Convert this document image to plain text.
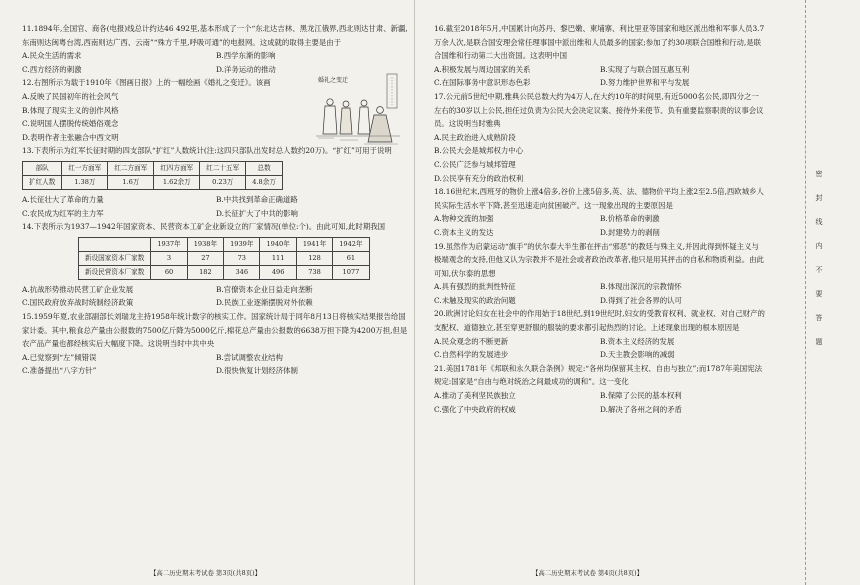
密封线内不要答题

11.1894年,全国官、商各(电报)线总计约达46 492里,基本形成了一个“东北达吉林、黑龙江俄界,西北则达甘肃、新疆,东南则达闽粤台湾,西南则达广西、云南”“殊方千里,呼吸可通”的电报网。这成就的取得主要是由于

A.民众生活的需求	B.西学东渐的影响
C.西方经济的刺激	D.洋务运动的推动

12.右图所示为载于1910年《图画日报》上的一幅绘画《婚礼之变迁》。该画

A.反映了民国初年的社会风气
B.体现了现实主义的创作风格
C.说明国人摆脱传统婚俗观念
D.表明作者主张融合中西文明
婚礼之变迁

13.下表所示为红军长征时期的四支部队“扩红”人数统计(注:这四只部队出发时总人数约20万)。“扩红”可用于说明

部队	红一方面军	红二方面军	红四方面军	红二十五军	总数
扩红人数	1.38万	1.6万	1.62余万	0.23万	4.8余万
A.长征壮大了革命的力量	B.中共找到革命正确道路
C.农民成为红军的主力军	D.长征扩大了中共的影响

14.下表所示为1937—1942年国家资本、民营资本工矿企业新设立的厂家情况(单位:个)。由此可知,此时期我国

	1937年	1938年	1939年	1940年	1941年	1942年
新设国家资本厂家数	3	27	73	111	128	61
新设民营资本厂家数	60	182	346	496	738	1077
A.抗战形势推动民营工矿企业发展	B.官僚资本企业日益走向垄断
C.国民政府放弃战时统制经济政策	D.民族工业逐渐摆脱对外依赖

15.1959年夏,农业部副部长刘瑞龙主持1958年统计数字的核实工作。国家统计局于同年8月13日将核实结果报告给国家计委。其中,粮食总产量由公报数的7500亿斤降为5000亿斤,棉花总产量由公报数的6638万担下降为4200万担,但是农产品产量也都经核实后大幅度下降。这说明当时中共中央

A.已觉察到“左”倾错误	B.尝试调整农业结构
C.准备提出“八字方针”	D.很快恢复计划经济体制
【高二历史期末考试卷 第3页(共8页)】

16.截至2018年5月,中国累计向苏丹、黎巴嫩、柬埔寨、利比里亚等国家和地区派出维和军事人员3.7万余人次,是联合国安理会常任理事国中派出维和人员最多的国家;参加了约30项联合国维和行动,是联合国维和行动第二大出资国。这表明中国

A.积极发展与周边国家的关系	B.实现了与联合国互惠互利
C.在国际事务中意识形态色彩	D.努力维护世界和平与发展

17.公元前5世纪中期,雅典公民总数大约为4万人,在大约10年的时间里,有近5000名公民,即四分之一左右的30岁以上公民,担任过负责为公民大会决定议案、接待外来使节、负有重要监察职责的议事会议员。这说明当时雅典

A.民主政治进入成熟阶段
B.公民大会是城邦权力中心
C.公民广泛参与城邦管理
D.公民享有充分的政治权利

18.16世纪末,西班牙的物价上涨4倍多,谷价上涨5倍多,英、法、德物价平均上涨2至2.5倍,西欧城乡人民实际生活水平下降,甚至迅速走向贫困破产。这一现象出现的主要原因是

A.物种交流的加强	B.价格革命的刺激
C.资本主义的发达	D.封建势力的剥削

19.虽然作为启蒙运动“旗手”的伏尔泰大半生都在抨击“邪恶”的教廷与殊主义,并因此得到怀疑主义与极端观念的支持,但他又认为宗教并不是社会或者政治改革者,他只是用其抨击的自私和物质利益。由此可知,伏尔泰的思想

A.具有强烈的批判性特征	B.体现出深沉的宗教情怀
C.未触及现实的政治问题	D.得到了社会各界的认可

20.欧洲讨论妇女在社会中的作用始于18世纪,到19世纪时,妇女的受教育权利、就业权、对自己财产的支配权、道德独立,甚至穿更舒服的服装的要求都引起热烈的讨论。上述现象出现的根本原因是

A.民众观念的不断更新	B.资本主义经济的发展
C.自然科学的发展进步	D.天主教会影响的减弱

21.美国1781年《邦联和永久联合条例》规定:“各州均保留其主权、自由与独立”;而1787年美国宪法规定:国家是“自由与绝对统治之间最成功的调和”。这一变化

A.推动了美利坚民族独立	B.保障了公民的基本权利
C.强化了中央政府的权威	D.解决了各州之间的矛盾
【高二历史期末考试卷 第4页(共8页)】
